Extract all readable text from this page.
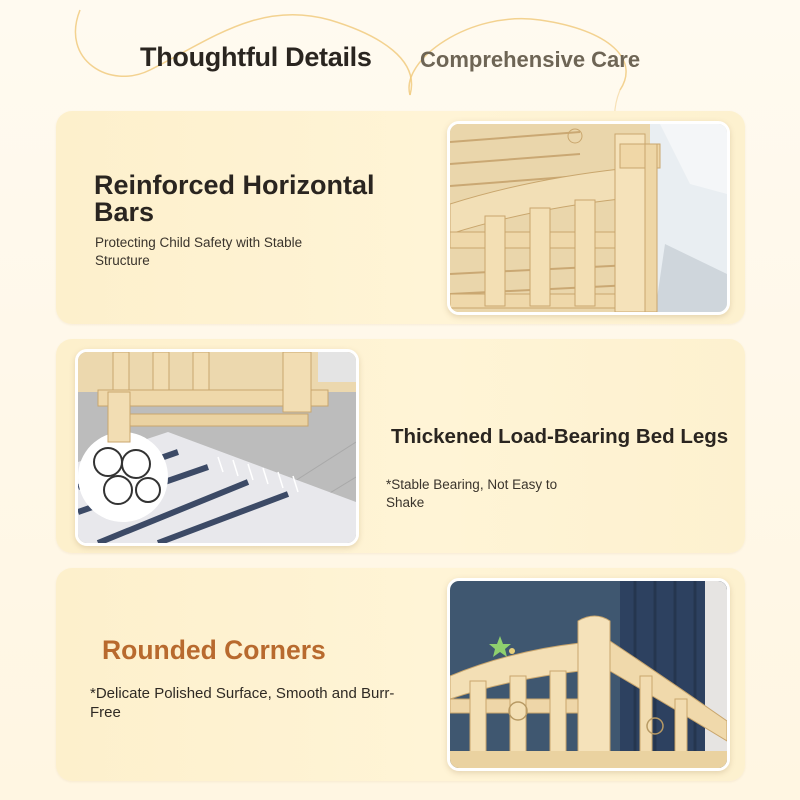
Thoughtful Details Comprehensive Care
Reinforced Horizontal Bars
Protecting Child Safety with Stable Structure
Thickened Load-Bearing Bed Legs
*Stable Bearing, Not Easy to Shake
Rounded Corners
*Delicate Polished Surface, Smooth and Burr-Free
